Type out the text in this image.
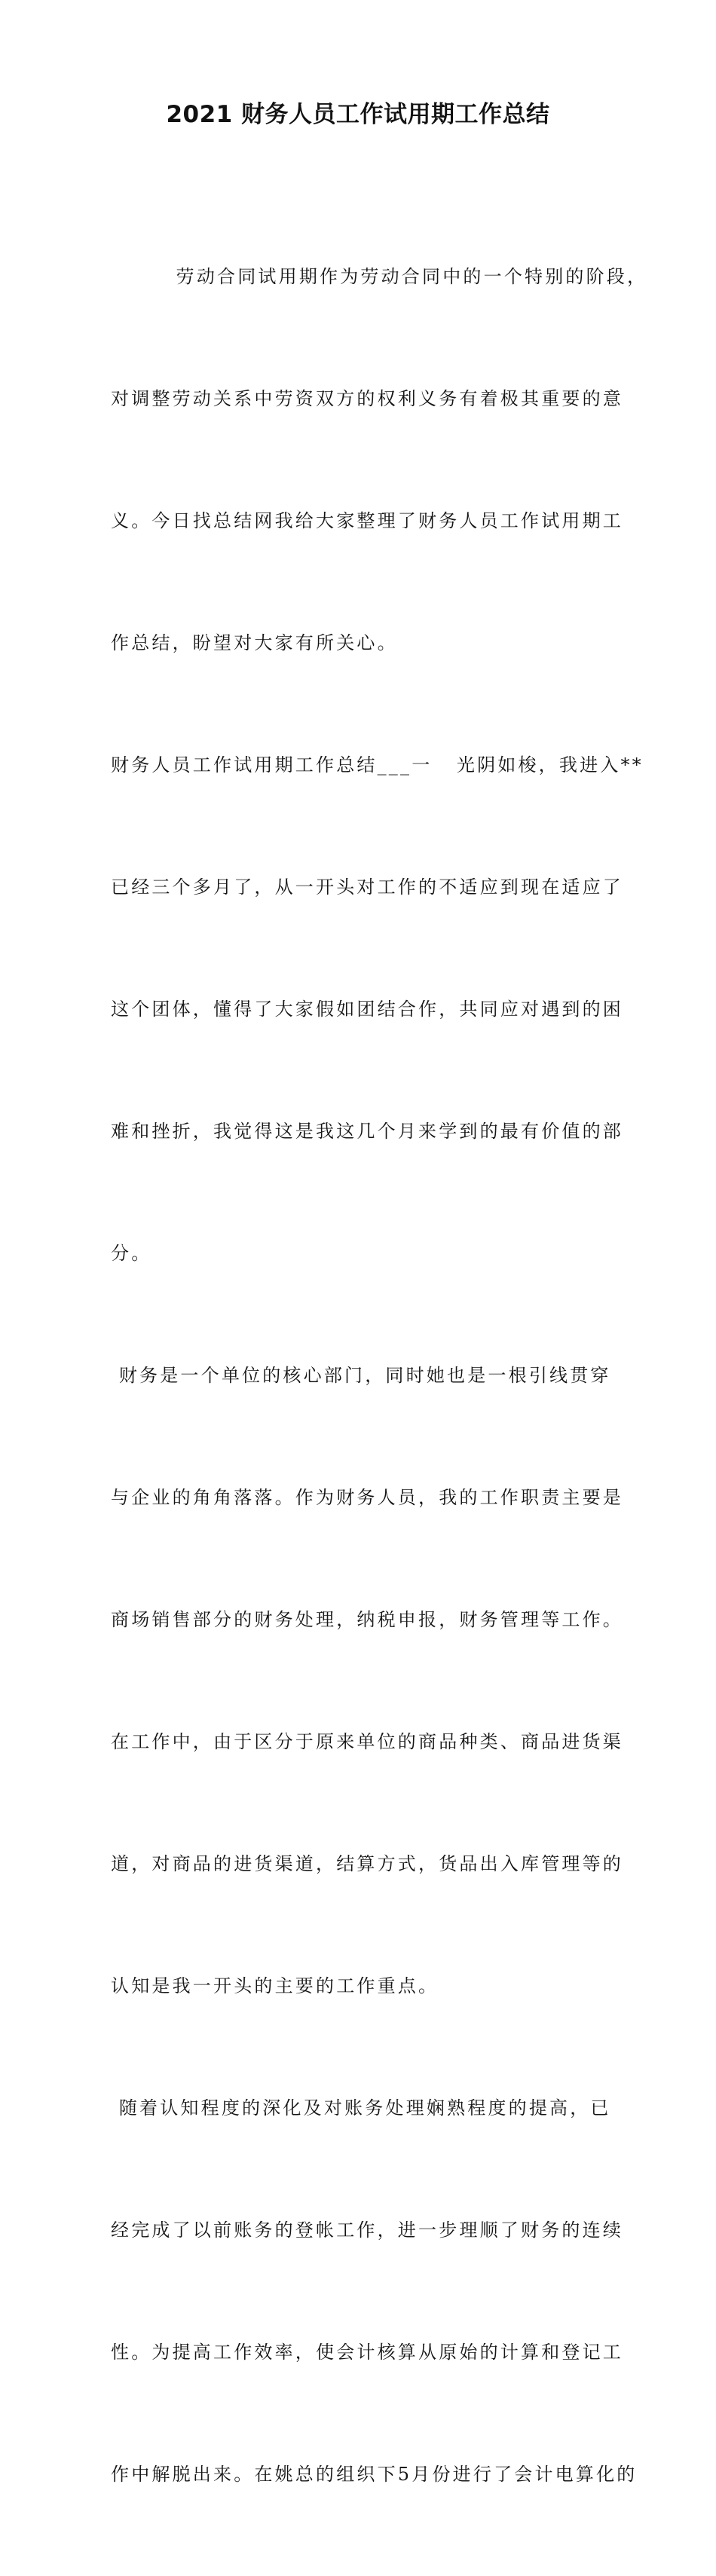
2021 财务人员工作试用期工作总结

劳动合同试用期作为劳动合同中的一个特别的阶段，

对调整劳动关系中劳资双方的权利义务有着极其重要的意

义。今日找总结网我给大家整理了财务人员工作试用期工

作总结，盼望对大家有所关心。

财务人员工作试用期工作总结___一   光阴如梭，我进入**

已经三个多月了，从一开头对工作的不适应到现在适应了

这个团体，懂得了大家假如团结合作，共同应对遇到的困

难和挫折，我觉得这是我这几个月来学到的最有价值的部

分。

财务是一个单位的核心部门，同时她也是一根引线贯穿

与企业的角角落落。作为财务人员，我的工作职责主要是

商场销售部分的财务处理，纳税申报，财务管理等工作。

在工作中，由于区分于原来单位的商品种类、商品进货渠

道，对商品的进货渠道，结算方式，货品出入库管理等的

认知是我一开头的主要的工作重点。

随着认知程度的深化及对账务处理娴熟程度的提高，已

经完成了以前账务的登帐工作，进一步理顺了财务的连续

性。为提高工作效率，使会计核算从原始的计算和登记工

作中解脱出来。在姚总的组织下5月份进行了会计电算化的
